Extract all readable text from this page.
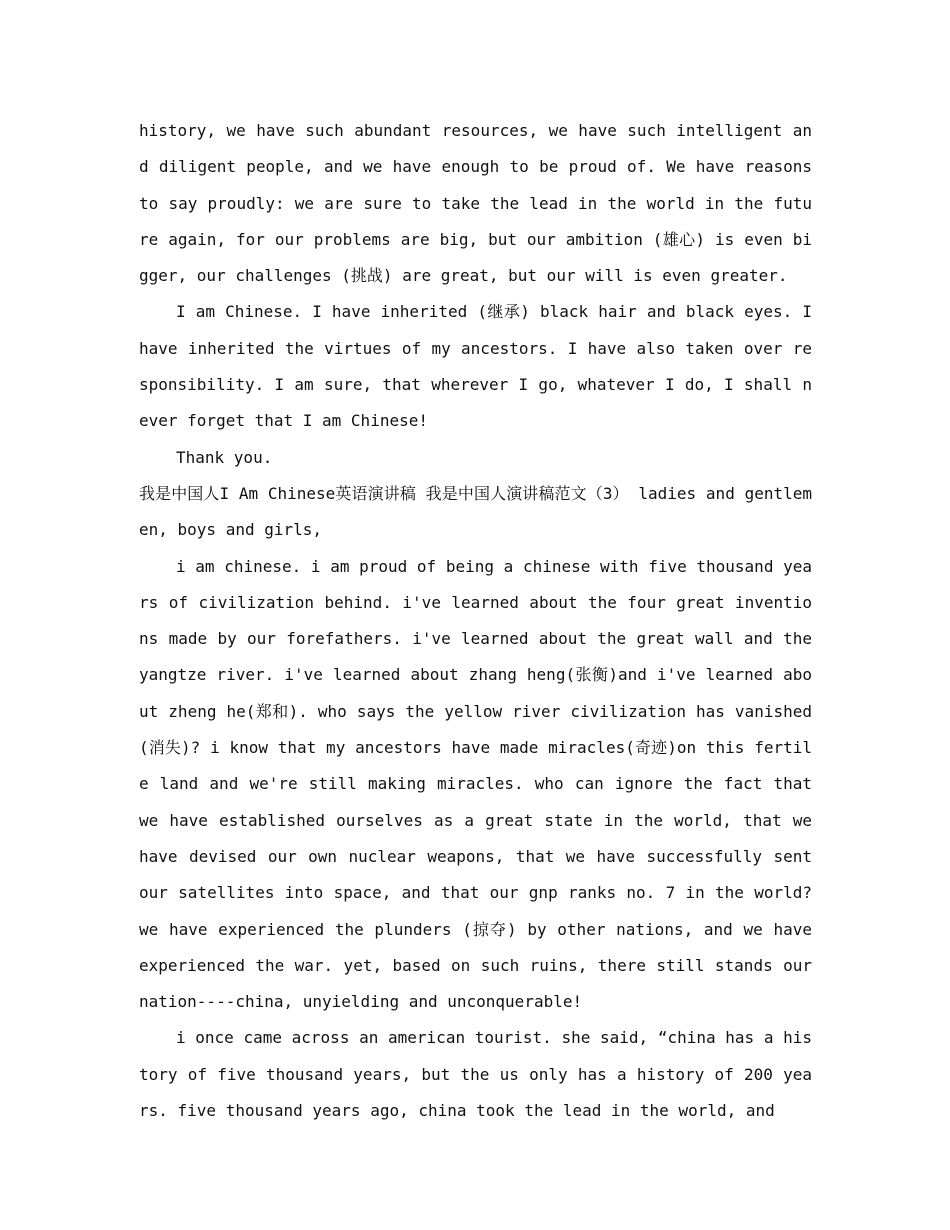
history, we have such abundant resources, we have such intelligent and diligent people, and we have enough to be proud of. We have reasons to say proudly: we are sure to take the lead in the world in the future again, for our problems are big, but our ambition (雄心) is even bigger, our challenges (挑战) are great, but our will is even greater.

I am Chinese. I have inherited (继承) black hair and black eyes. I have inherited the virtues of my ancestors. I have also taken over responsibility. I am sure, that wherever I go, whatever I do, I shall never forget that I am Chinese!

Thank you.

我是中国人I Am Chinese英语演讲稿 我是中国人演讲稿范文（3） ladies and gentlemen, boys and girls,

i am chinese. i am proud of being a chinese with five thousand years of civilization behind. i've learned about the four great inventions made by our forefathers. i've learned about the great wall and the yangtze river. i've learned about zhang heng(张衡)and i've learned about zheng he(郑和). who says the yellow river civilization has vanished(消失)? i know that my ancestors have made miracles(奇迹)on this fertile land and we're still making miracles. who can ignore the fact that we have established ourselves as a great state in the world, that we have devised our own nuclear weapons, that we have successfully sent our satellites into space, and that our gnp ranks no. 7 in the world? we have experienced the plunders (掠夺) by other nations, and we have experienced the war. yet, based on such ruins, there still stands our nation----china, unyielding and unconquerable!

i once came across an american tourist. she said, “china has a history of five thousand years, but the us only has a history of 200 years. five thousand years ago, china took the lead in the world, and
